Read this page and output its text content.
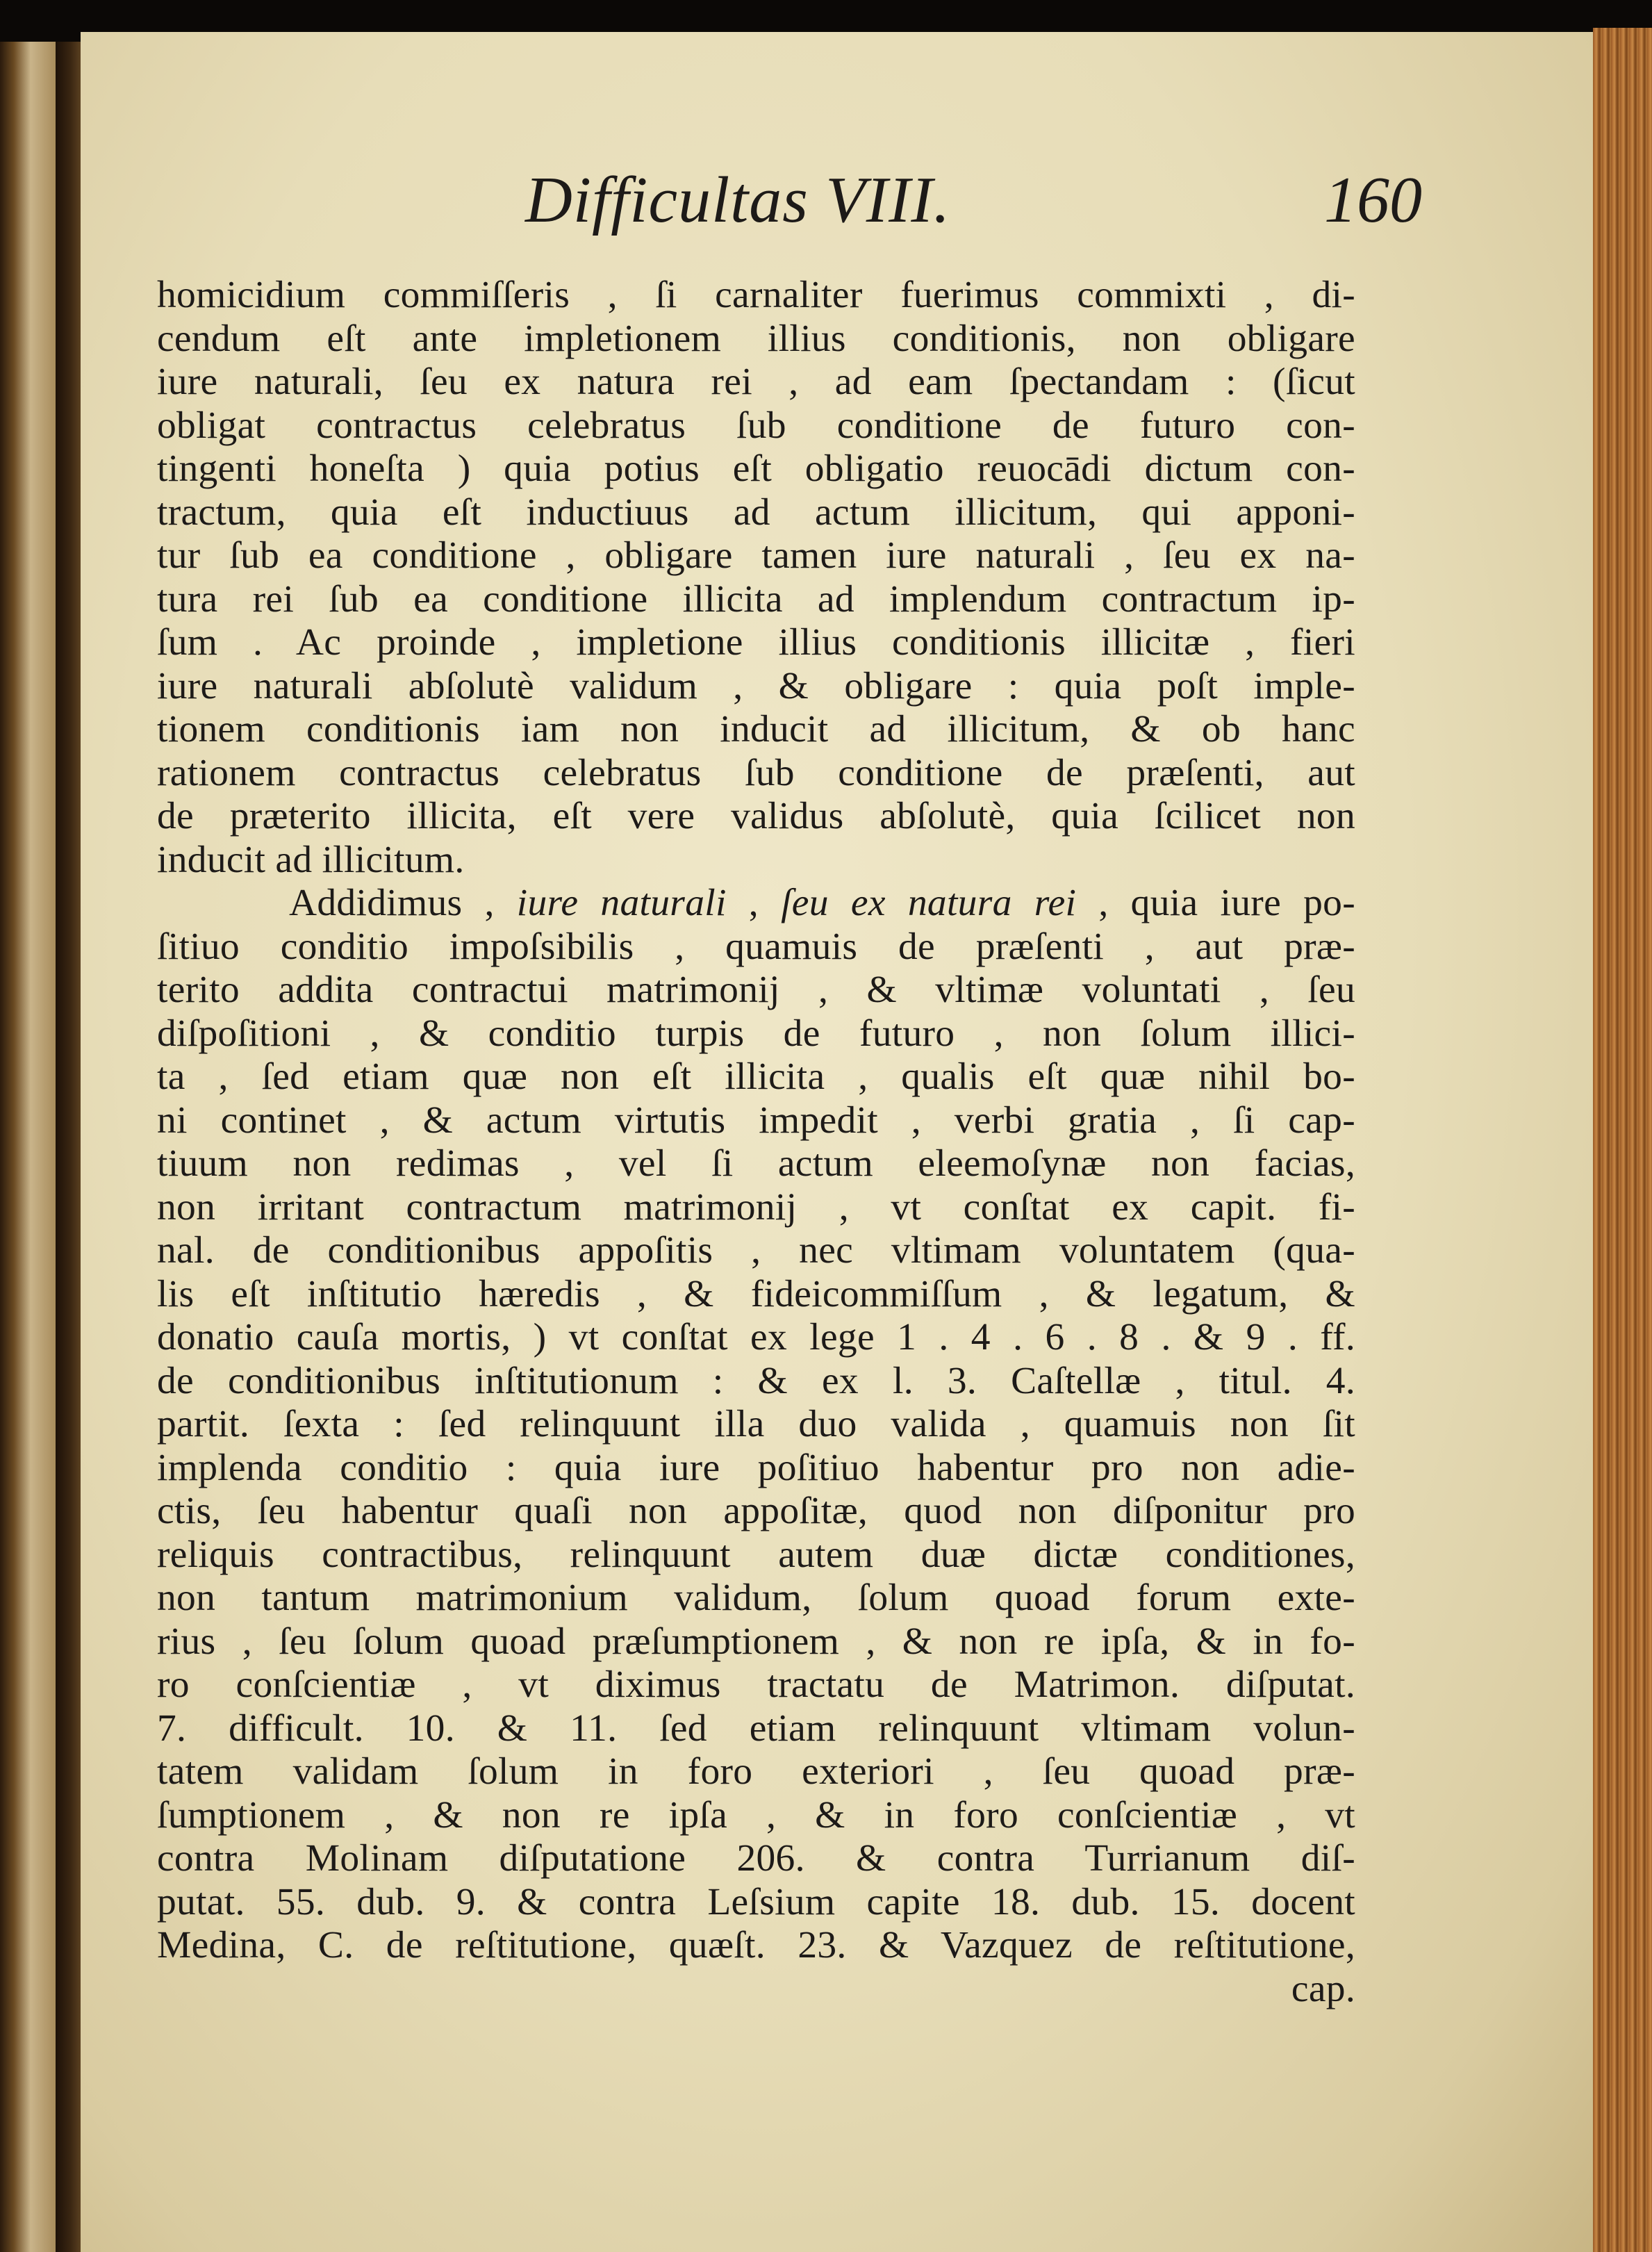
Difficultas VIII.	160
homicidium commiſſeris , ſi carnaliter fuerimus commixti , di-
cendum eſt ante impletionem illius conditionis, non obligare
iure naturali, ſeu ex natura rei , ad eam ſpectandam : (ſicut
obligat contractus celebratus ſub conditione de futuro con-
tingenti honeſta ) quia potius eſt obligatio reuocādi dictum con-
tractum, quia eſt inductiuus ad actum illicitum, qui apponi-
tur ſub ea conditione , obligare tamen iure naturali , ſeu ex na-
tura rei ſub ea conditione illicita ad implendum contractum ip-
ſum . Ac proinde , impletione illius conditionis illicitæ , fieri
iure naturali abſolutè validum , & obligare : quia poſt imple-
tionem conditionis iam non inducit ad illicitum, & ob hanc
rationem contractus celebratus ſub conditione de præſenti, aut
de præterito illicita, eſt vere validus abſolutè, quia ſcilicet non
inducit ad illicitum.
Addidimus , iure naturali , ſeu ex natura rei , quia iure po-
ſitiuo conditio impoſsibilis , quamuis de præſenti , aut præ-
terito addita contractui matrimonij , & vltimæ voluntati , ſeu
diſpoſitioni , & conditio turpis de futuro , non ſolum illici-
ta , ſed etiam quæ non eſt illicita , qualis eſt quæ nihil bo-
ni continet , & actum virtutis impedit , verbi gratia , ſi cap-
tiuum non redimas , vel ſi actum eleemoſynæ non facias,
non irritant contractum matrimonij , vt conſtat ex capit. fi-
nal. de conditionibus appoſitis , nec vltimam voluntatem (qua-
lis eſt inſtitutio hæredis , & fideicommiſſum , & legatum, &
donatio cauſa mortis, ) vt conſtat ex lege 1 . 4 . 6 . 8 . & 9 . ff.
de conditionibus inſtitutionum : & ex l. 3. Caſtellæ , titul. 4.
partit. ſexta : ſed relinquunt illa duo valida , quamuis non ſit
implenda conditio : quia iure poſitiuo habentur pro non adie-
ctis, ſeu habentur quaſi non appoſitæ, quod non diſponitur pro
reliquis contractibus, relinquunt autem duæ dictæ conditiones,
non tantum matrimonium validum, ſolum quoad forum exte-
rius , ſeu ſolum quoad præſumptionem , & non re ipſa, & in fo-
ro conſcientiæ , vt diximus tractatu de Matrimon. diſputat.
7. difficult. 10. & 11. ſed etiam relinquunt vltimam volun-
tatem validam ſolum in foro exteriori , ſeu quoad præ-
ſumptionem , & non re ipſa , & in foro conſcientiæ , vt
contra Molinam diſputatione 206. & contra Turrianum diſ-
putat. 55. dub. 9. & contra Leſsium capite 18. dub. 15. docent
Medina, C. de reſtitutione, quæſt. 23. & Vazquez de reſtitutione,
cap.
